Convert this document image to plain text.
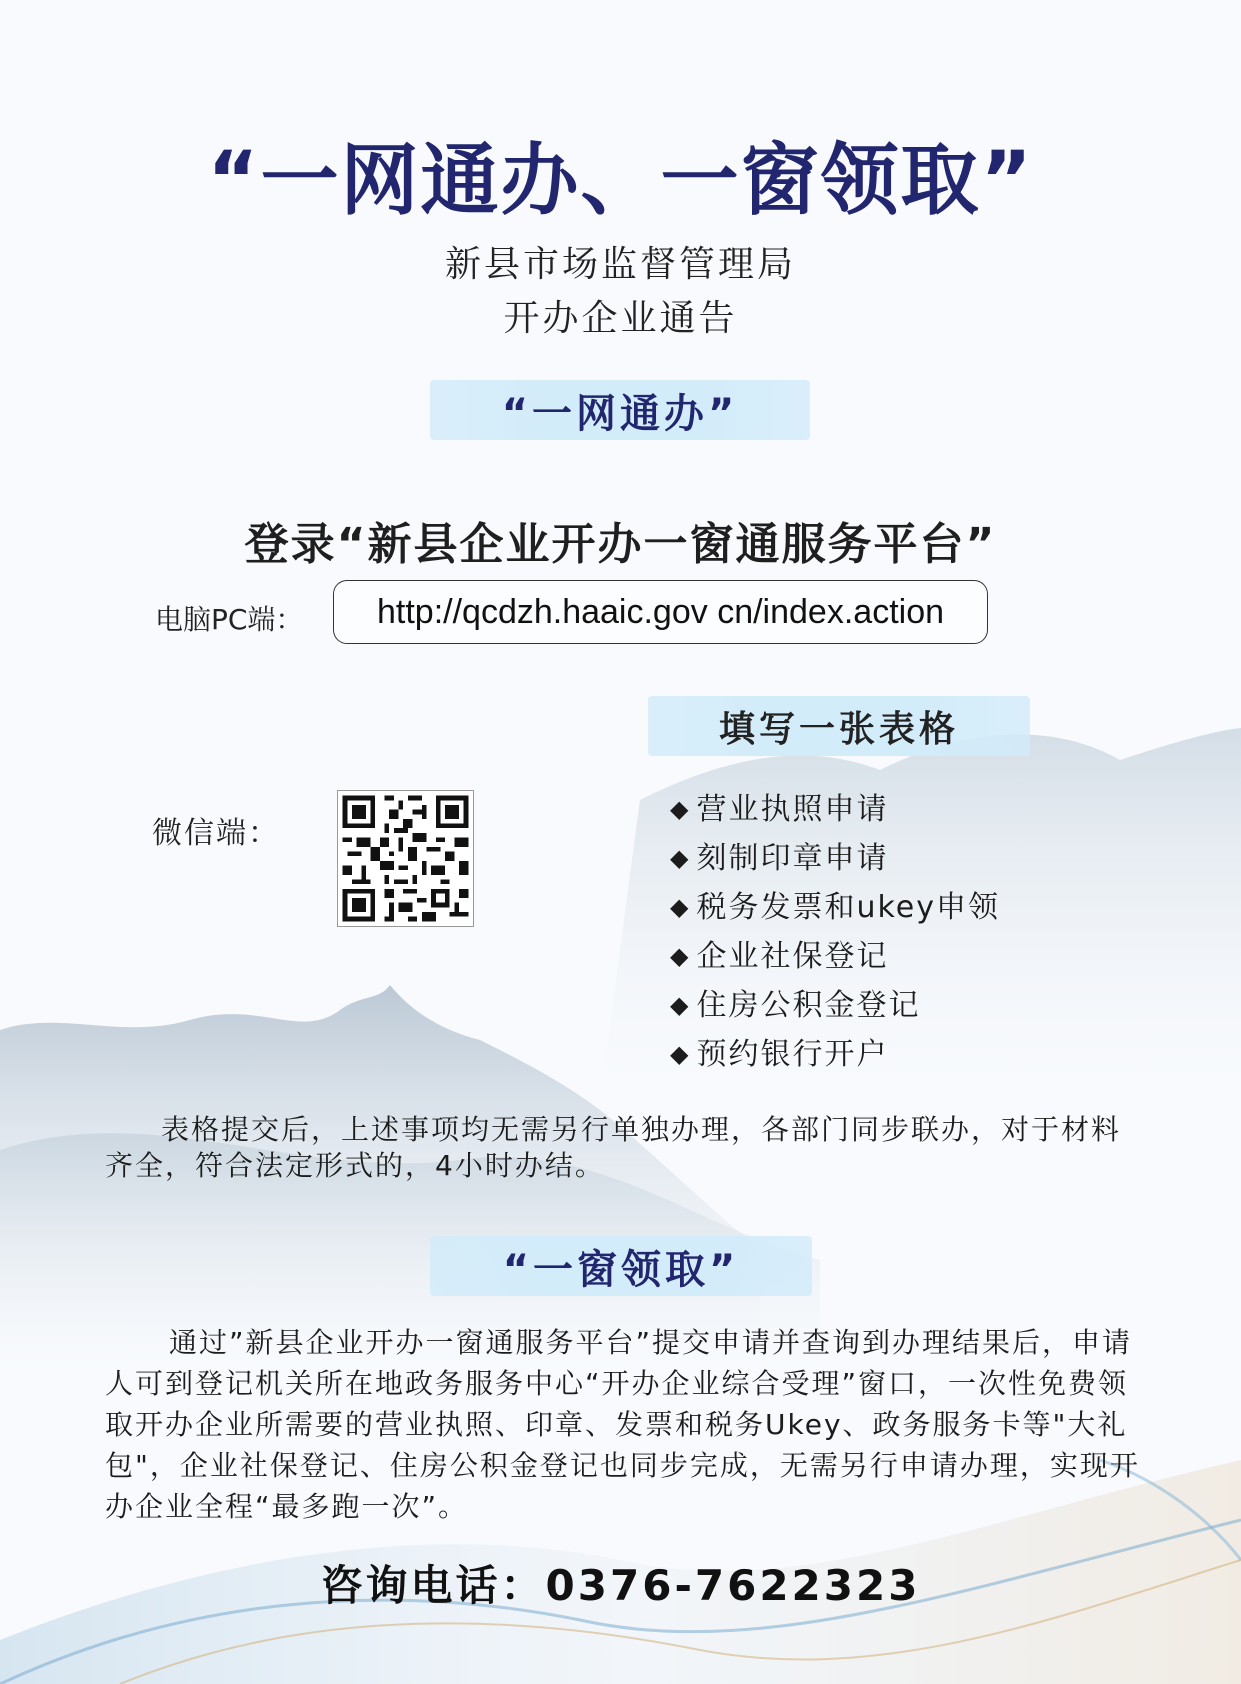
“一网通办、一窗领取”
新县市场监督管理局
开办企业通告
“一网通办”
登录“新县企业开办一窗通服务平台”
电脑PC端：	http://qcdzh.haaic.gov cn/index.action
填写一张表格
微信端：
◆ 营业执照申请
◆ 刻制印章申请
◆ 税务发票和ukey申领
◆ 企业社保登记
◆ 住房公积金登记
◆ 预约银行开户
表格提交后，上述事项均无需另行单独办理，各部门同步联办，对于材料齐全，符合法定形式的，4小时办结。
“一窗领取”
通过”新县企业开办一窗通服务平台”提交申请并查询到办理结果后，申请人可到登记机关所在地政务服务中心“开办企业综合受理”窗口，一次性免费领取开办企业所需要的营业执照、印章、发票和税务Ukey、政务服务卡等"大礼包"，企业社保登记、住房公积金登记也同步完成，无需另行申请办理，实现开办企业全程“最多跑一次”。
咨询电话：0376-7622323
